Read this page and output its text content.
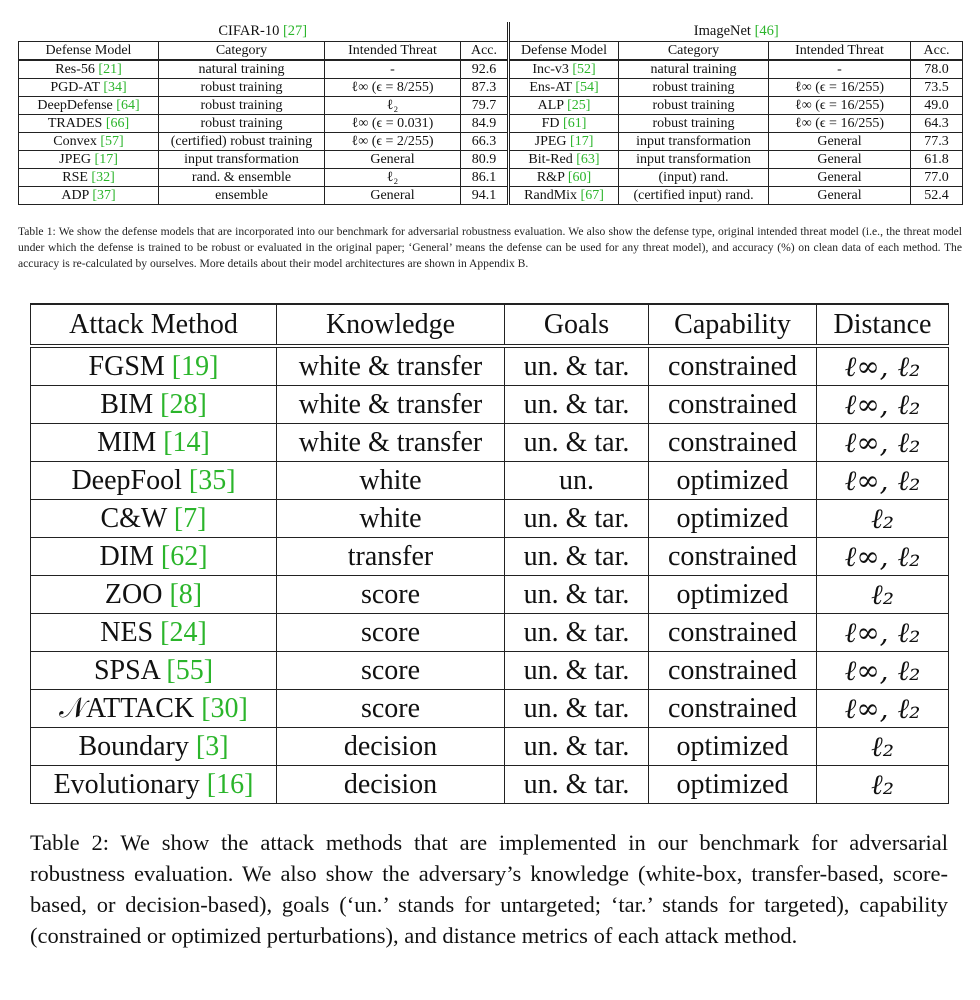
CIFAR-10 [27]				ImageNet [46]			
Defense Model	Category	Intended Threat	Acc.	Defense Model	Category	Intended Threat	Acc.
Res-56 [21]	natural training	-	92.6	Inc-v3 [52]	natural training	-	78.0
PGD-AT [34]	robust training	ℓ∞ (ϵ = 8/255)	87.3	Ens-AT [54]	robust training	ℓ∞ (ϵ = 16/255)	73.5
DeepDefense [64]	robust training	ℓ₂	79.7	ALP [25]	robust training	ℓ∞ (ϵ = 16/255)	49.0
TRADES [66]	robust training	ℓ∞ (ϵ = 0.031)	84.9	FD [61]	robust training	ℓ∞ (ϵ = 16/255)	64.3
Convex [57]	(certified) robust training	ℓ∞ (ϵ = 2/255)	66.3	JPEG [17]	input transformation	General	77.3
JPEG [17]	input transformation	General	80.9	Bit-Red [63]	input transformation	General	61.8
RSE [32]	rand. & ensemble	ℓ₂	86.1	R&P [60]	(input) rand.	General	77.0
ADP [37]	ensemble	General	94.1	RandMix [67]	(certified input) rand.	General	52.4
Table 1: We show the defense models that are incorporated into our benchmark for adversarial robustness evaluation. We also show the defense type, original intended threat model (i.e., the threat model under which the defense is trained to be robust or evaluated in the original paper; ‘General’ means the defense can be used for any threat model), and accuracy (%) on clean data of each method. The accuracy is re-calculated by ourselves. More details about their model architectures are shown in Appendix B.
Attack Method	Knowledge	Goals	Capability	Distance
FGSM [19]	white & transfer	un. & tar.	constrained	ℓ∞, ℓ₂
BIM [28]	white & transfer	un. & tar.	constrained	ℓ∞, ℓ₂
MIM [14]	white & transfer	un. & tar.	constrained	ℓ∞, ℓ₂
DeepFool [35]	white	un.	optimized	ℓ∞, ℓ₂
C&W [7]	white	un. & tar.	optimized	ℓ₂
DIM [62]	transfer	un. & tar.	constrained	ℓ∞, ℓ₂
ZOO [8]	score	un. & tar.	optimized	ℓ₂
NES [24]	score	un. & tar.	constrained	ℓ∞, ℓ₂
SPSA [55]	score	un. & tar.	constrained	ℓ∞, ℓ₂
𝒩ATTACK [30]	score	un. & tar.	constrained	ℓ∞, ℓ₂
Boundary [3]	decision	un. & tar.	optimized	ℓ₂
Evolutionary [16]	decision	un. & tar.	optimized	ℓ₂
Table 2: We show the attack methods that are implemented in our benchmark for adversarial robustness evaluation. We also show the adversary’s knowledge (white-box, transfer-based, score-based, or decision-based), goals (‘un.’ stands for untargeted; ‘tar.’ stands for targeted), capability (constrained or optimized perturbations), and distance metrics of each attack method.
